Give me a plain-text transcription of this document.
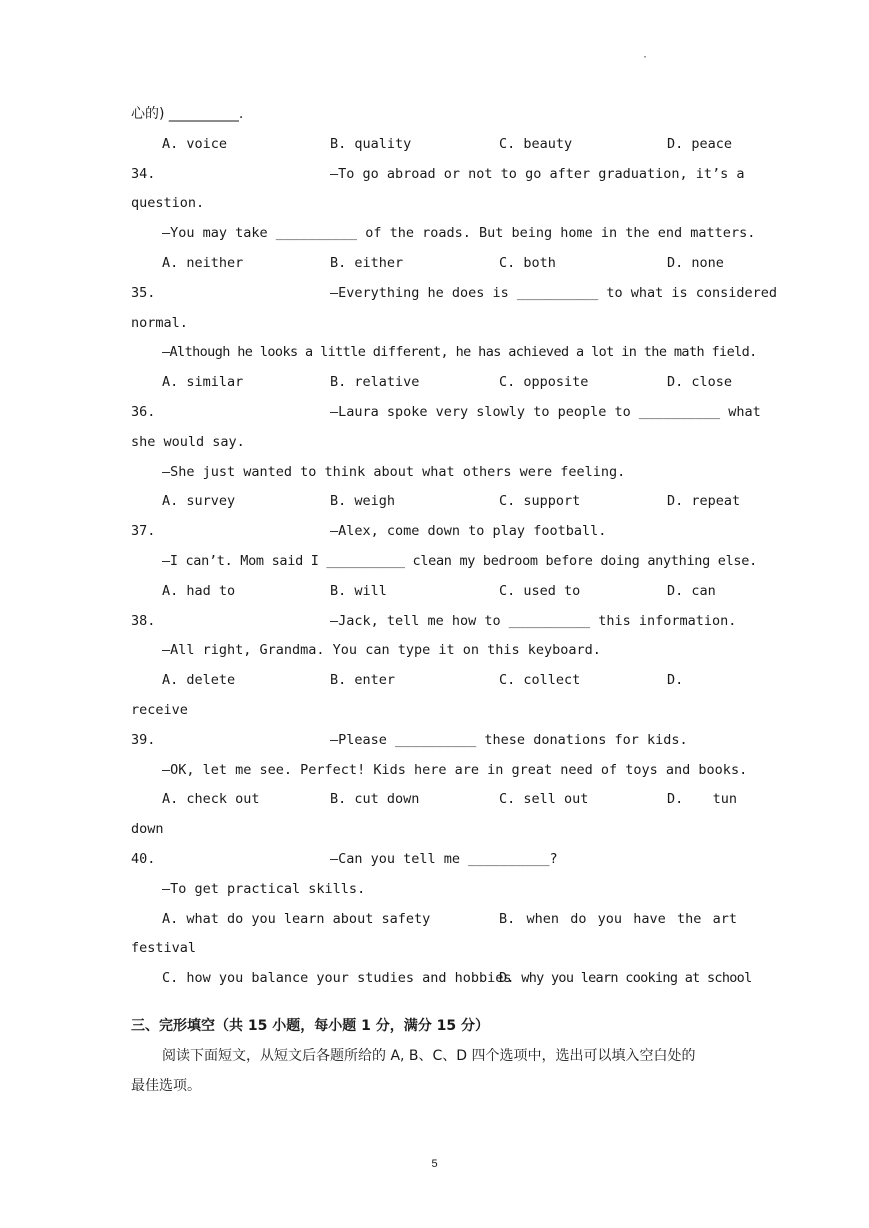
·
心的) __________.
A. voice	B. quality	C. beauty	D. peace
34.	—To go abroad or not to go after graduation, it’s a
question.
—You may take __________ of the roads. But being home in the end matters.
A. neither	B. either	C. both	D. none
35.	—Everything he does is __________ to what is considered
normal.
—Although he looks a little different, he has achieved a lot in the math field.
A. similar	B. relative	C. opposite	D. close
36.	—Laura spoke very slowly to people to __________ what
she would say.
—She just wanted to think about what others were feeling.
A. survey	B. weigh	C. support	D. repeat
37.	—Alex, come down to play football.
—I can’t. Mom said I __________ clean my bedroom before doing anything else.
A. had to	B. will	C. used to	D. can
38.	—Jack, tell me how to __________ this information.
—All right, Grandma. You can type it on this keyboard.
A. delete	B. enter	C. collect	D.
receive
39.	—Please __________ these donations for kids.
—OK, let me see. Perfect! Kids here are in great need of toys and books.
A. check out	B. cut down	C. sell out	D. tun
down
40.	—Can you tell me __________?
—To get practical skills.
A. what do you learn about safety	B. when do you have the art
festival
C. how you balance your studies and hobbies
D. why you learn cooking at school
三、完形填空（共 15 小题，每小题 1 分，满分 15 分）
阅读下面短文，从短文后各题所给的 A, B、C、D 四个选项中，选出可以填入空白处的
最佳选项。
5
